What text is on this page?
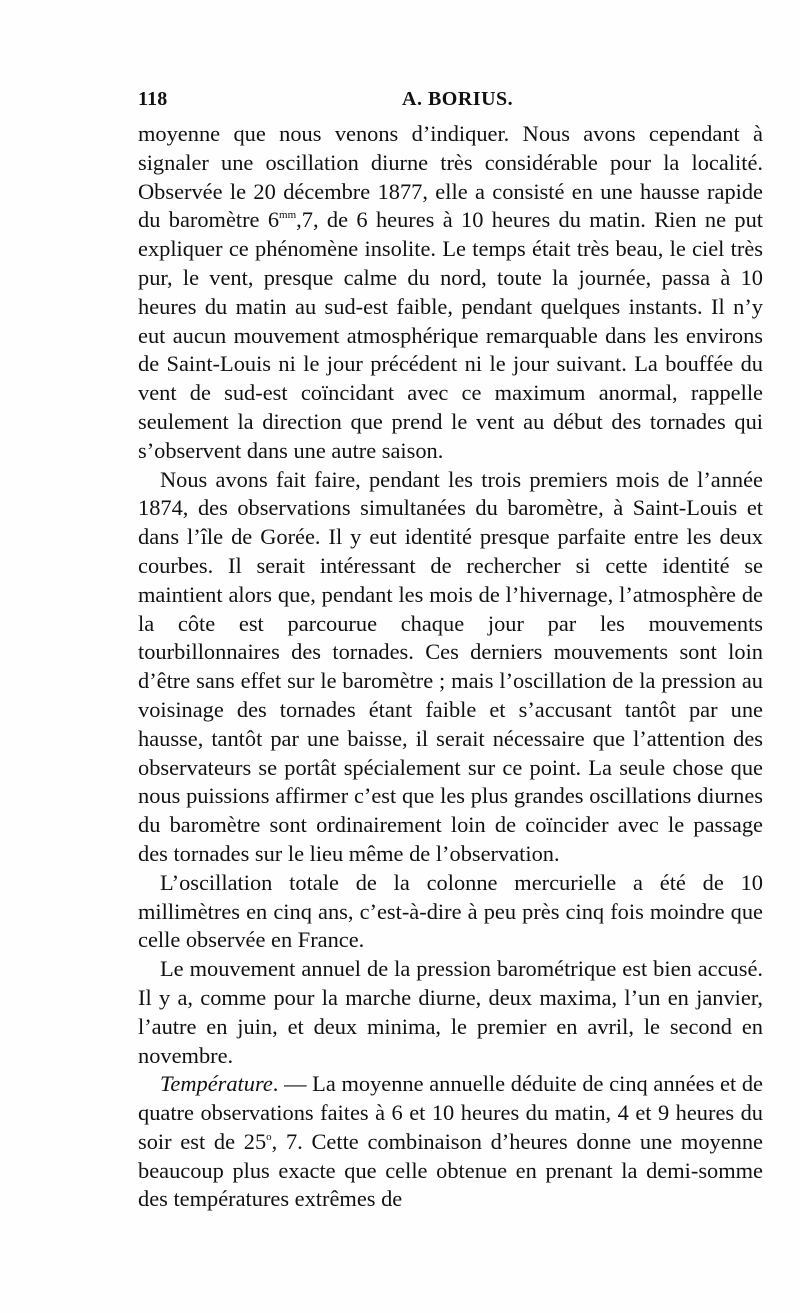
118	A. BORIUS.

moyenne que nous venons d’indiquer. Nous avons cependant à signaler une oscillation diurne très considérable pour la localité. Observée le 20 décembre 1877, elle a consisté en une hausse rapide du baromètre $6^{mm},7$, de 6 heures à 10 heures du matin. Rien ne put expliquer ce phénomène insolite. Le temps était très beau, le ciel très pur, le vent, presque calme du nord, toute la journée, passa à 10 heures du matin au sud-est faible, pendant quelques instants. Il n’y eut aucun mouvement atmosphérique remarquable dans les environs de Saint-Louis ni le jour précédent ni le jour suivant. La bouffée du vent de sud-est coïncidant avec ce maximum anormal, rappelle seulement la direction que prend le vent au début des tornades qui s’observent dans une autre saison.

Nous avons fait faire, pendant les trois premiers mois de l’année 1874, des observations simultanées du baromètre, à Saint-Louis et dans l’île de Gorée. Il y eut identité presque parfaite entre les deux courbes. Il serait intéressant de rechercher si cette identité se maintient alors que, pendant les mois de l’hivernage, l’atmosphère de la côte est parcourue chaque jour par les mouvements tourbillonnaires des tornades. Ces derniers mouvements sont loin d’être sans effet sur le baromètre ; mais l’oscillation de la pression au voisinage des tornades étant faible et s’accusant tantôt par une hausse, tantôt par une baisse, il serait nécessaire que l’attention des observateurs se portât spécialement sur ce point. La seule chose que nous puissions affirmer c’est que les plus grandes oscillations diurnes du baromètre sont ordinairement loin de coïncider avec le passage des tornades sur le lieu même de l’observation.

L’oscillation totale de la colonne mercurielle a été de 10 millimètres en cinq ans, c’est-à-dire à peu près cinq fois moindre que celle observée en France.

Le mouvement annuel de la pression barométrique est bien accusé. Il y a, comme pour la marche diurne, deux maxima, l’un en janvier, l’autre en juin, et deux minima, le premier en avril, le second en novembre.

Température. — La moyenne annuelle déduite de cinq années et de quatre observations faites à 6 et 10 heures du matin, 4 et 9 heures du soir est de 25$^o$, 7. Cette combinaison d’heures donne une moyenne beaucoup plus exacte que celle obtenue en prenant la demi-somme des températures extrêmes de
